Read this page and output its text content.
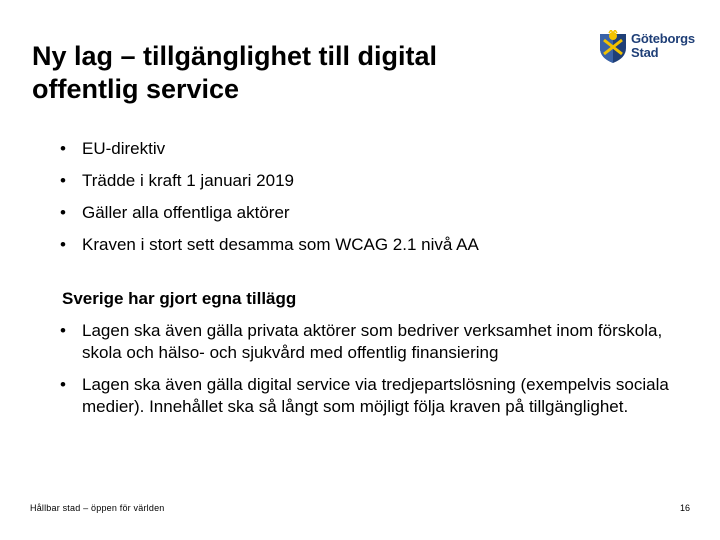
Ny lag – tillgänglighet till digital
offentlig service
Göteborgs
Stad
• EU-direktiv
• Trädde i kraft 1 januari 2019
• Gäller alla offentliga aktörer
• Kraven i stort sett desamma som WCAG 2.1 nivå AA

Sverige har gjort egna tillägg

• Lagen ska även gälla privata aktörer som bedriver verksamhet inom förskola, skola och hälso- och sjukvård med offentlig finansiering
• Lagen ska även gälla digital service via tredjepartslösning (exempelvis sociala medier). Innehållet ska så långt som möjligt följa kraven på tillgänglighet.
Hållbar stad – öppen för världen	16
